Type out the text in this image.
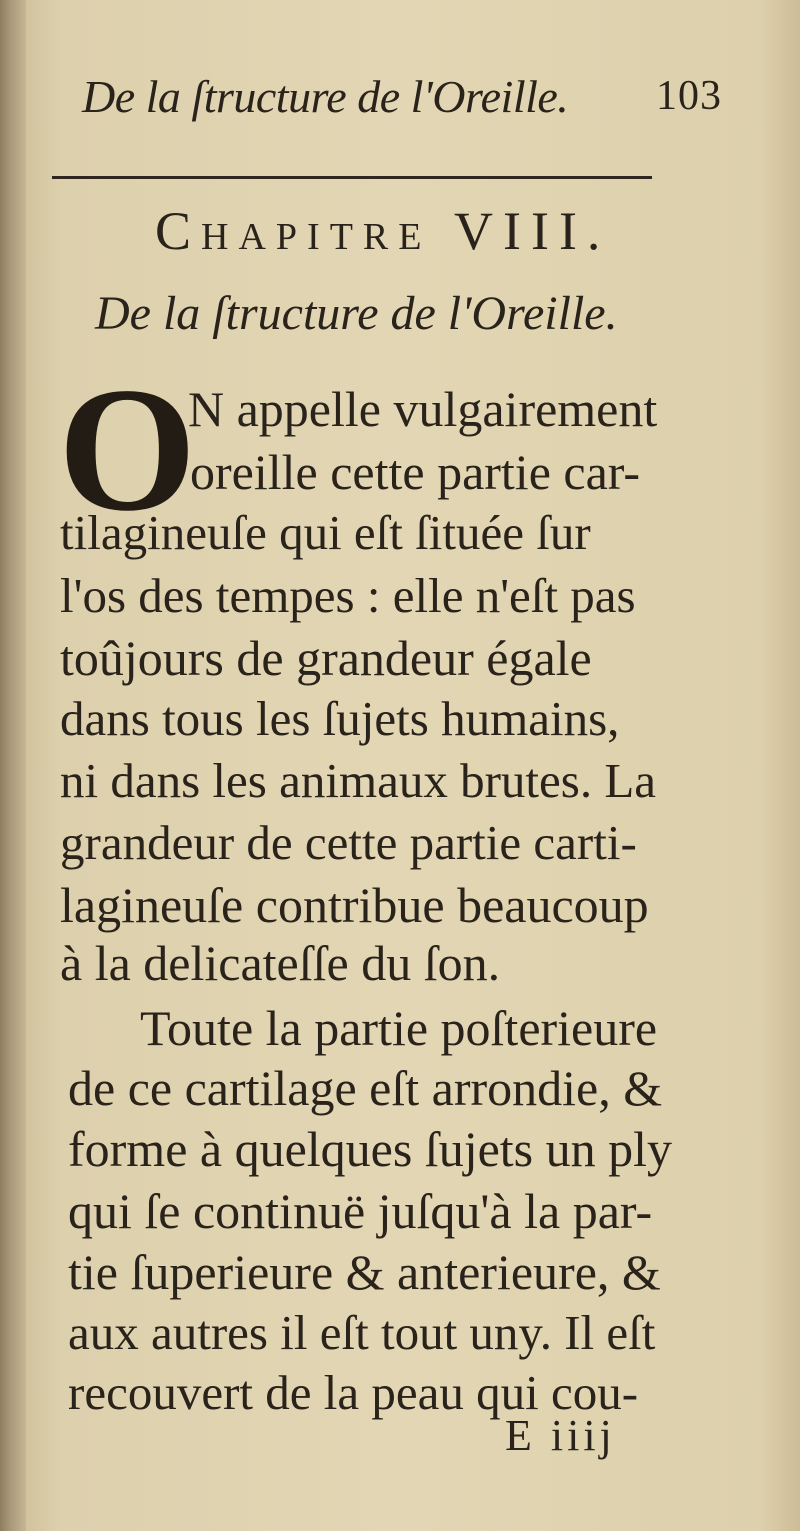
De la ſtructure de l'Oreille. 103
Chapitre VIII.
De la ſtructure de l'Oreille.
O
N appelle vulgairement
oreille cette partie car-
tilagineuſe qui eſt ſituée ſur
l'os des tempes : elle n'eſt pas
toûjours de grandeur égale
dans tous les ſujets humains,
ni dans les animaux brutes. La
grandeur de cette partie carti-
lagineuſe contribue beaucoup
à la delicateſſe du ſon.
Toute la partie poſterieure
de ce cartilage eſt arrondie, &
forme à quelques ſujets un ply
qui ſe continuë juſqu'à la par-
tie ſuperieure & anterieure, &
aux autres il eſt tout uny. Il eſt
recouvert de la peau qui cou-
E iiij
